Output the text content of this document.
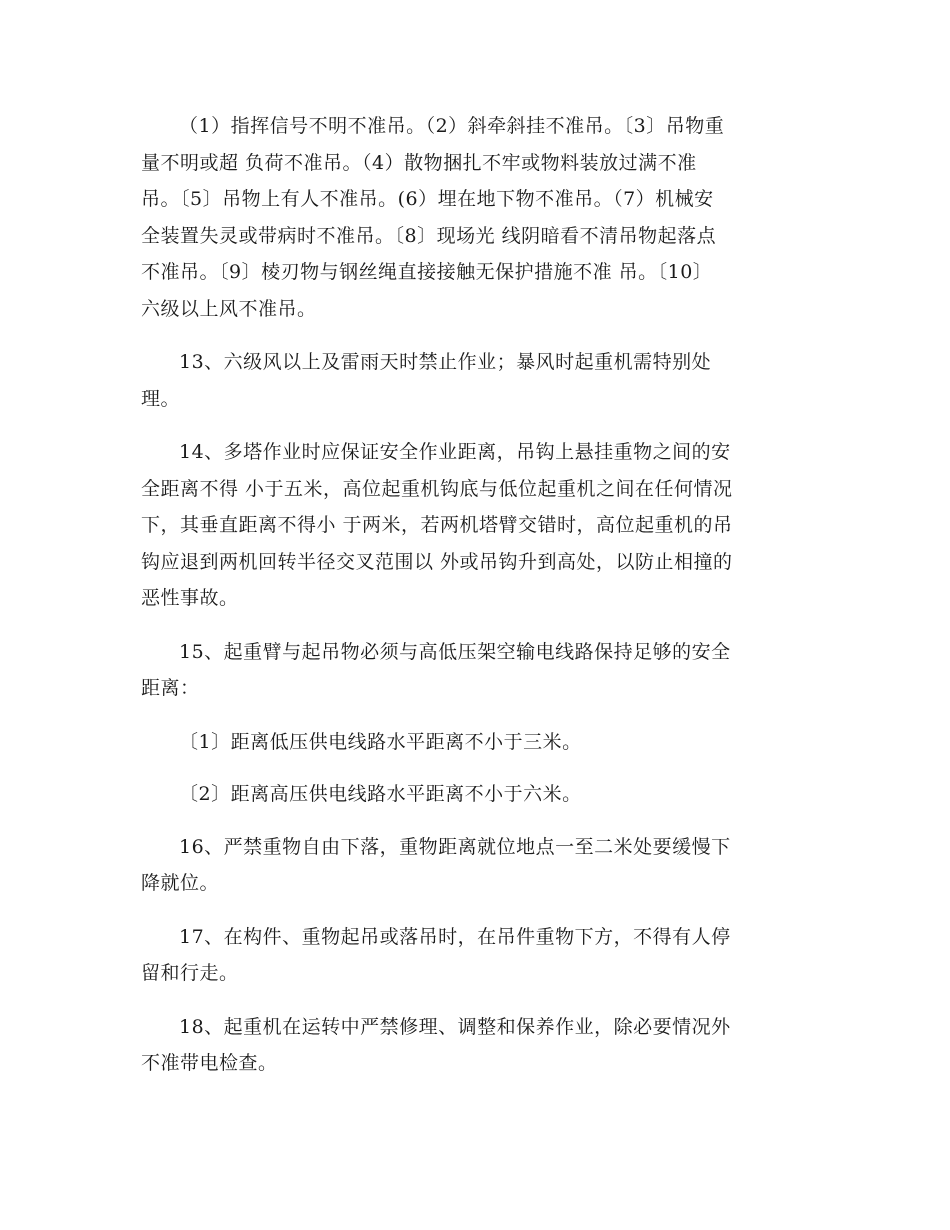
（1）指挥信号不明不准吊。（2）斜牵斜挂不准吊。〔3〕吊物重
量不明或超 负荷不准吊。（4）散物捆扎不牢或物料装放过满不准
吊。〔5〕吊物上有人不准吊。(6）埋在地下物不准吊。（7）机械安
全装置失灵或带病时不准吊。〔8〕现场光 线阴暗看不清吊物起落点
不准吊。〔9〕棱刃物与钢丝绳直接接触无保护措施不准 吊。〔10〕
六级以上风不准吊。

13、六级风以上及雷雨天时禁止作业；暴风时起重机需特别处
理。

14、多塔作业时应保证安全作业距离，吊钩上悬挂重物之间的安
全距离不得 小于五米，高位起重机钩底与低位起重机之间在任何情况
下，其垂直距离不得小 于两米，若两机塔臂交错时，高位起重机的吊
钩应退到两机回转半径交叉范围以 外或吊钩升到高处，以防止相撞的
恶性事故。

15、起重臂与起吊物必须与高低压架空输电线路保持足够的安全
距离：

〔1〕距离低压供电线路水平距离不小于三米。

〔2〕距离高压供电线路水平距离不小于六米。

16、严禁重物自由下落，重物距离就位地点一至二米处要缓慢下
降就位。

17、在构件、重物起吊或落吊时，在吊件重物下方，不得有人停
留和行走。

18、起重机在运转中严禁修理、调整和保养作业，除必要情况外
不准带电检查。
